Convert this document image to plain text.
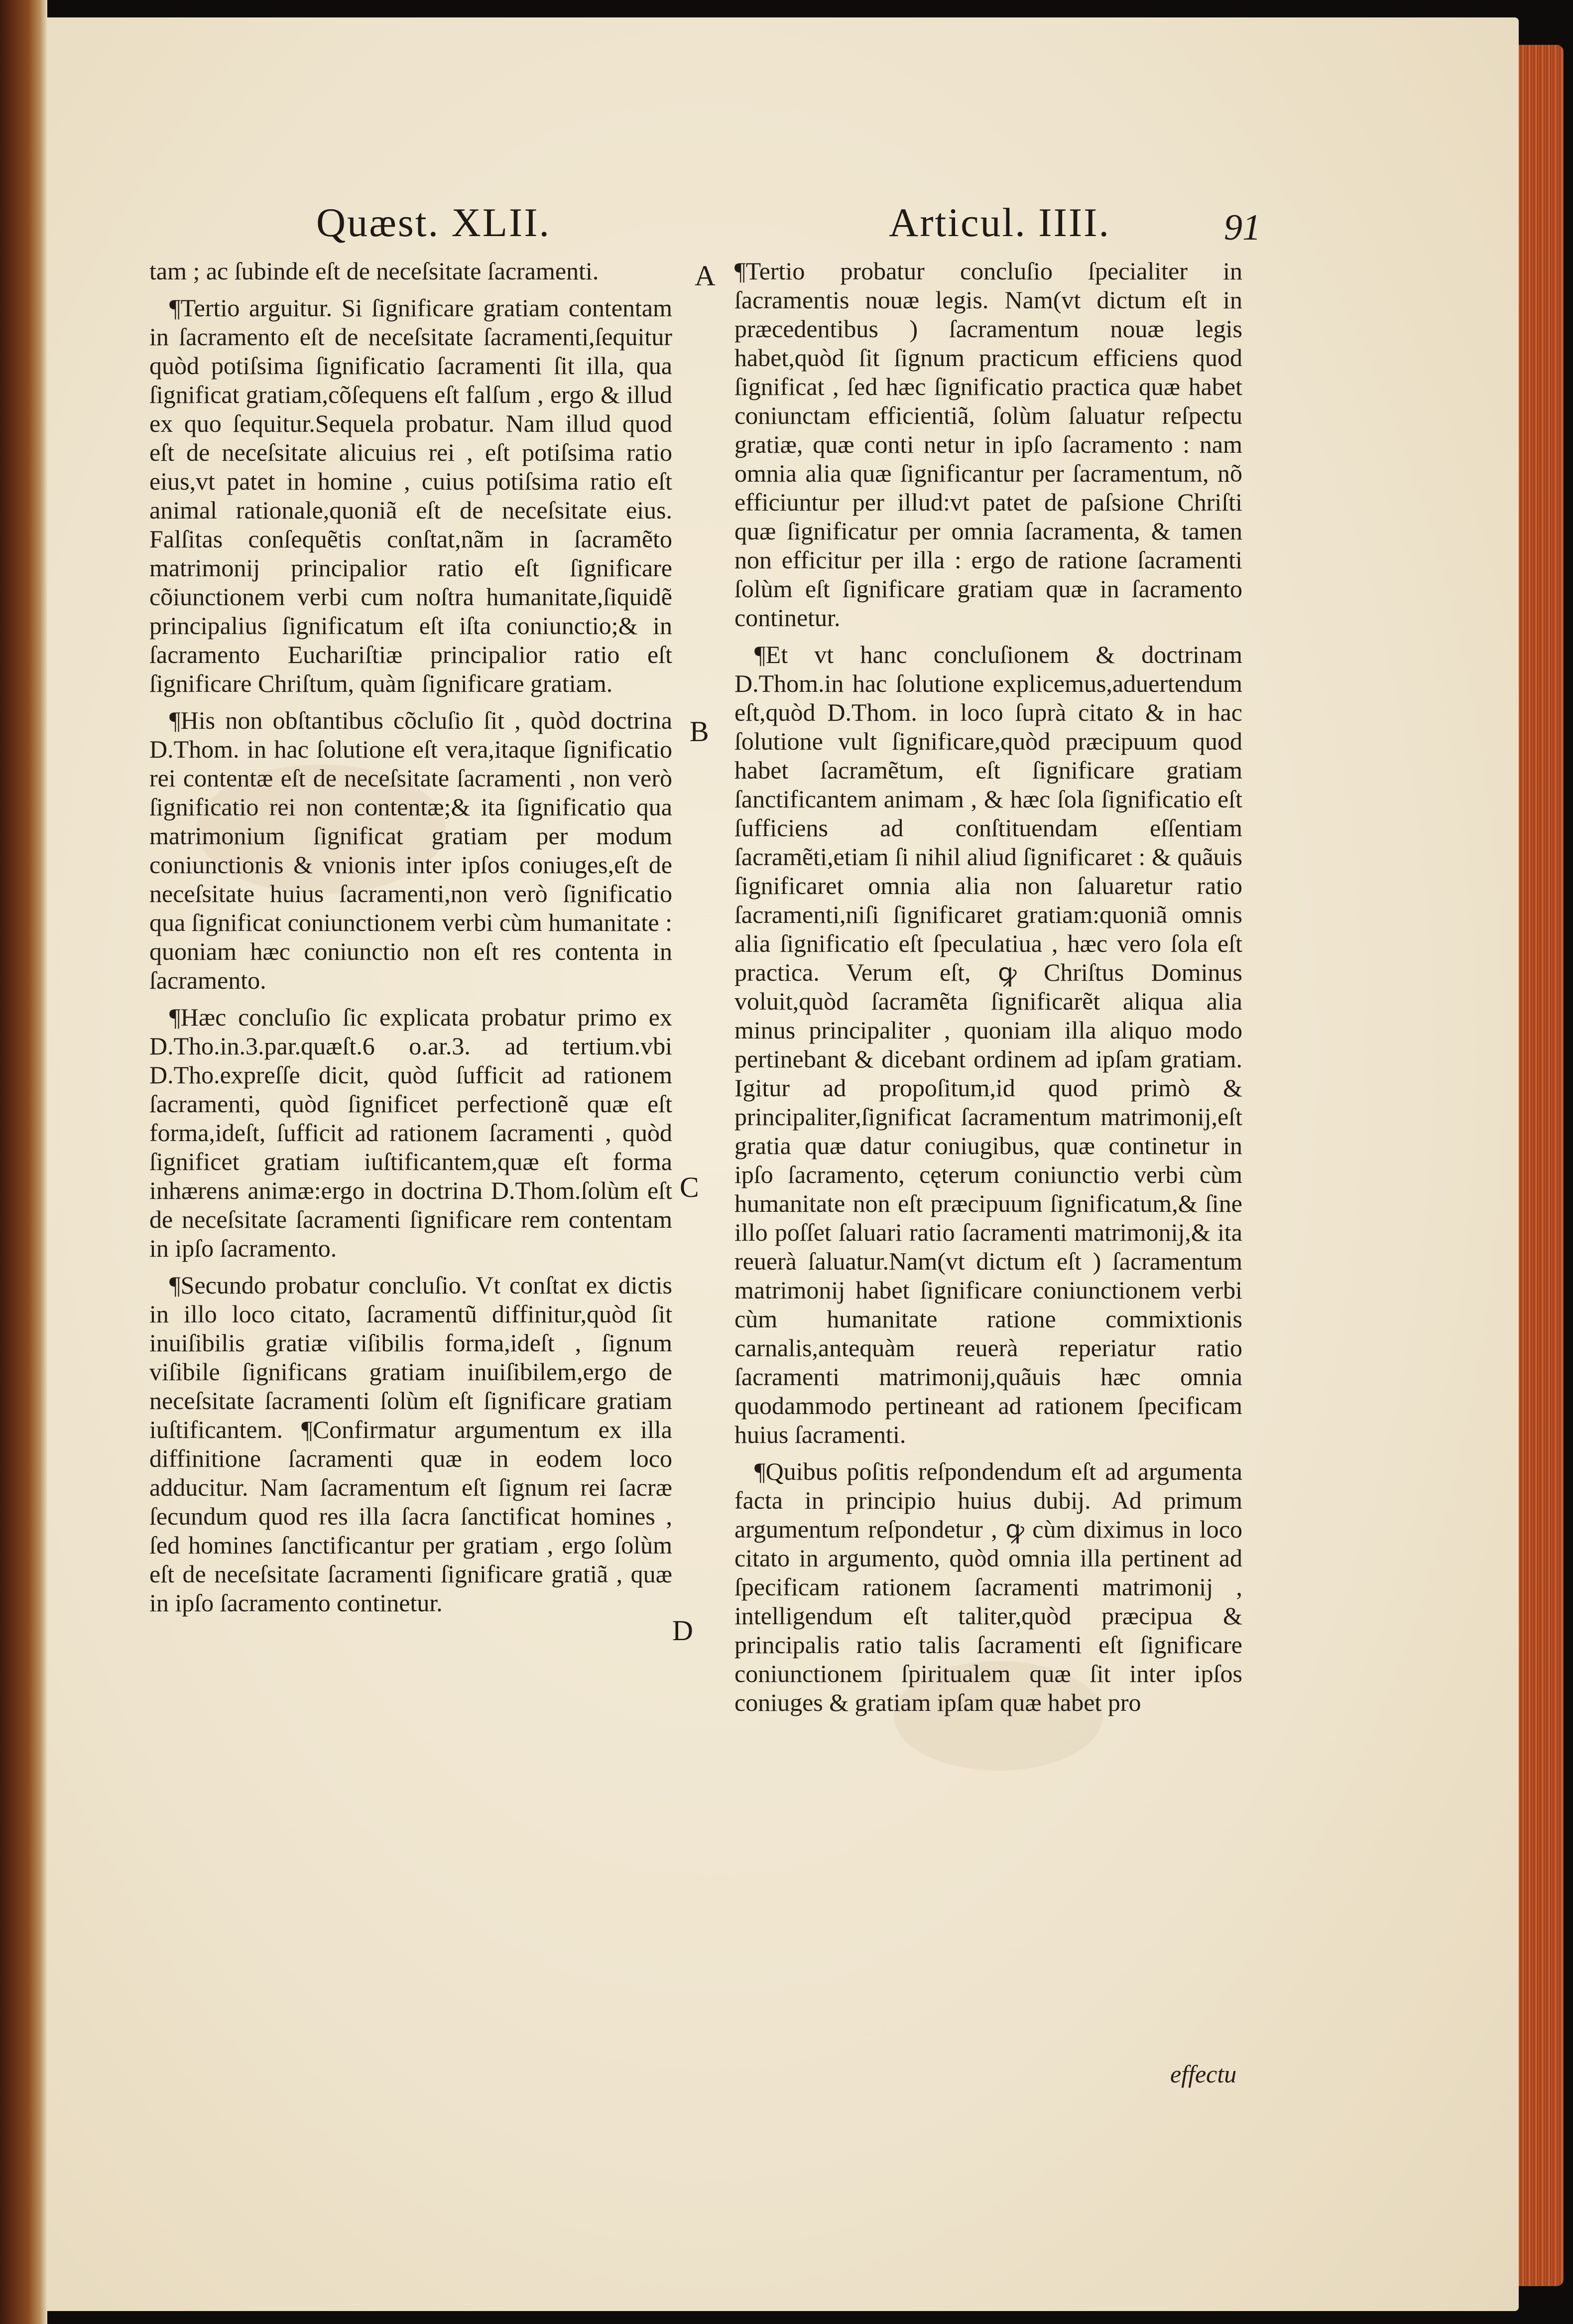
Quæst. XLII.	Articul. IIII.	91

tam ; ac ſubinde eſt de neceſsitate ſacramenti.

¶Tertio arguitur. Si ſignificare gratiam contentam in ſacramento eſt de neceſsitate ſacramenti,ſequitur quòd potiſsima ſignificatio ſacramenti ſit illa, qua ſignificat gratiam,cõſequens eſt falſum , ergo & illud ex quo ſequitur.Sequela probatur. Nam illud quod eſt de neceſsitate alicuius rei , eſt potiſsima ratio eius,vt patet in homine , cuius potiſsima ratio eſt animal rationale,quoniã eſt de neceſsitate eius. Falſitas conſequẽtis conſtat,nãm in ſacramẽto matrimonij principalior ratio eſt ſignificare cõiunctionem verbi cum noſtra humanitate,ſiquidẽ principalius ſignificatum eſt iſta coniunctio;& in ſacramento Euchariſtiæ principalior ratio eſt ſignificare Chriſtum, quàm ſignificare gratiam.

¶His non obſtantibus cõcluſio ſit , quòd doctrina D.Thom. in hac ſolutione eſt vera,itaque ſignificatio rei contentæ eſt de neceſsitate ſacramenti , non verò ſignificatio rei non contentæ;& ita ſignificatio qua matrimonium ſignificat gratiam per modum coniunctionis & vnionis inter ipſos coniuges,eſt de neceſsitate huius ſacramenti,non verò ſignificatio qua ſignificat coniunctionem verbi cùm humanitate : quoniam hæc coniunctio non eſt res contenta in ſacramento.

¶Hæc concluſio ſic explicata probatur primo ex D.Tho.in.3.par.quæſt.6 o.ar.3. ad tertium.vbi D.Tho.expreſſe dicit, quòd ſufficit ad rationem ſacramenti, quòd ſignificet perfectionẽ quæ eſt forma,ideſt, ſufficit ad rationem ſacramenti , quòd ſignificet gratiam iuſtificantem,quæ eſt forma inhærens animæ:ergo in doctrina D.Thom.ſolùm eſt de neceſsitate ſacramenti ſignificare rem contentam in ipſo ſacramento.

¶Secundo probatur concluſio. Vt conſtat ex dictis in illo loco citato, ſacramentũ diffinitur,quòd ſit inuiſibilis gratiæ viſibilis forma,ideſt , ſignum viſibile ſignificans gratiam inuiſibilem,ergo de neceſsitate ſacramenti ſolùm eſt ſignificare gratiam iuſtificantem. ¶Confirmatur argumentum ex illa diffinitione ſacramenti quæ in eodem loco adducitur. Nam ſacramentum eſt ſignum rei ſacræ ſecundum quod res illa ſacra ſanctificat homines , ſed homines ſanctificantur per gratiam , ergo ſolùm eſt de neceſsitate ſacramenti ſignificare gratiã , quæ in ipſo ſacramento continetur.

A
B
C
D

¶Tertio probatur concluſio ſpecialiter in ſacramentis nouæ legis. Nam(vt dictum eſt in præcedentibus ) ſacramentum nouæ legis habet,quòd ſit ſignum practicum efficiens quod ſignificat , ſed hæc ſignificatio practica quæ habet coniunctam efficientiã, ſolùm ſaluatur reſpectu gratiæ, quæ conti netur in ipſo ſacramento : nam omnia alia quæ ſignificantur per ſacramentum, nõ efficiuntur per illud:vt patet de paſsione Chriſti quæ ſignificatur per omnia ſacramenta, & tamen non efficitur per illa : ergo de ratione ſacramenti ſolùm eſt ſignificare gratiam quæ in ſacramento continetur.

¶Et vt hanc concluſionem & doctrinam D.Thom.in hac ſolutione explicemus,aduertendum eſt,quòd D.Thom. in loco ſuprà citato & in hac ſolutione vult ſignificare,quòd præcipuum quod habet ſacramẽtum, eſt ſignificare gratiam ſanctificantem animam , & hæc ſola ſignificatio eſt ſufficiens ad conſtituendam eſſentiam ſacramẽti,etiam ſi nihil aliud ſignificaret : & quãuis ſignificaret omnia alia non ſaluaretur ratio ſacramenti,niſi ſignificaret gratiam:quoniã omnis alia ſignificatio eſt ſpeculatiua , hæc vero ſola eſt practica. Verum eſt, ꝙ Chriſtus Dominus voluit,quòd ſacramẽta ſignificarẽt aliqua alia minus principaliter , quoniam illa aliquo modo pertinebant & dicebant ordinem ad ipſam gratiam. Igitur ad propoſitum,id quod primò & principaliter,ſignificat ſacramentum matrimonij,eſt gratia quæ datur coniugibus, quæ continetur in ipſo ſacramento, cęterum coniunctio verbi cùm humanitate non eſt præcipuum ſignificatum,& ſine illo poſſet ſaluari ratio ſacramenti matrimonij,& ita reuerà ſaluatur.Nam(vt dictum eſt ) ſacramentum matrimonij habet ſignificare coniunctionem verbi cùm humanitate ratione commixtionis carnalis,antequàm reuerà reperiatur ratio ſacramenti matrimonij,quãuis hæc omnia quodammodo pertineant ad rationem ſpecificam huius ſacramenti.

¶Quibus poſitis reſpondendum eſt ad argumenta facta in principio huius dubij. Ad primum argumentum reſpondetur , ꝙ cùm diximus in loco citato in argumento, quòd omnia illa pertinent ad ſpecificam rationem ſacramenti matrimonij , intelligendum eſt taliter,quòd præcipua & principalis ratio talis ſacramenti eſt ſignificare coniunctionem ſpiritualem quæ ſit inter ipſos coniuges & gratiam ipſam quæ habet pro

effectu
